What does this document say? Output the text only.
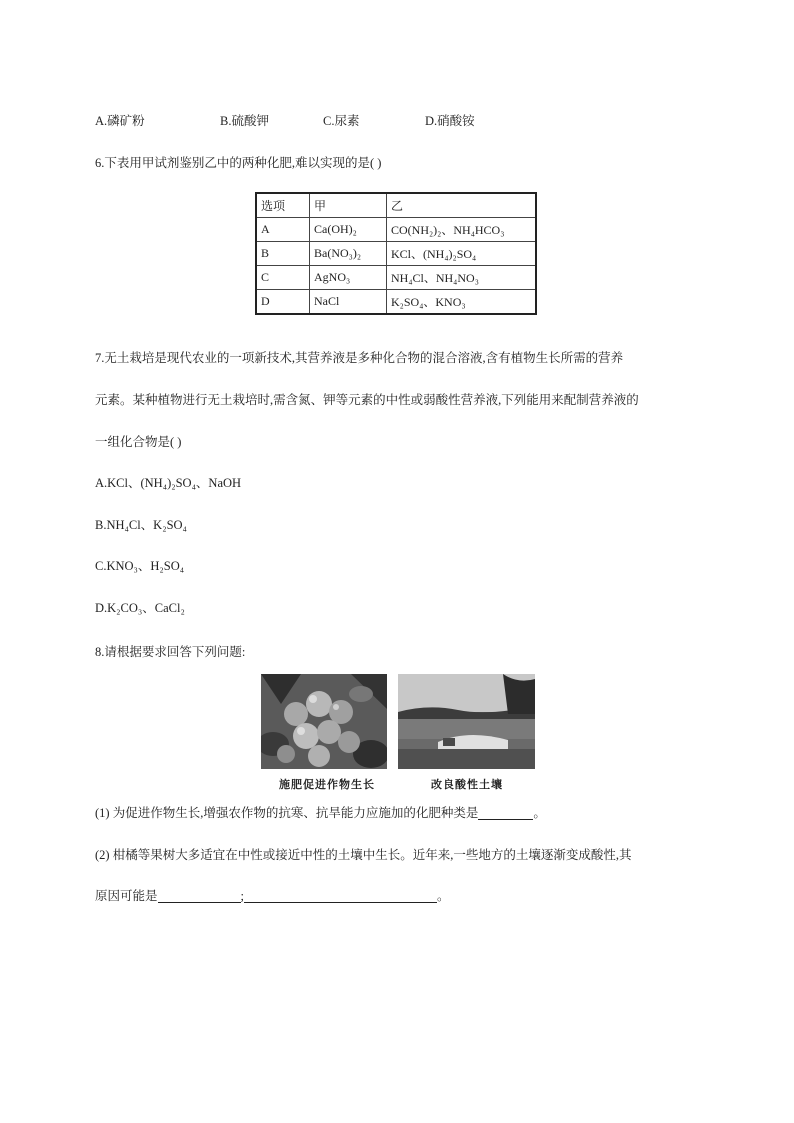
A.磷矿粉	B.硫酸钾	C.尿素	D.硝酸铵
6.下表用甲试剂鉴别乙中的两种化肥,难以实现的是( )
选项	甲	乙
A	Ca(OH)₂	CO(NH₂)₂、NH₄HCO₃
B	Ba(NO₃)₂	KCl、(NH₄)₂SO₄
C	AgNO₃	NH₄Cl、NH₄NO₃
D	NaCl	K₂SO₄、KNO₃
7.无土栽培是现代农业的一项新技术,其营养液是多种化合物的混合溶液,含有植物生长所需的营养
元素。某种植物进行无土栽培时,需含氮、钾等元素的中性或弱酸性营养液,下列能用来配制营养液的
一组化合物是( )
A.KCl、(NH₄)₂SO₄、NaOH
B.NH₄Cl、K₂SO₄
C.KNO₃、H₂SO₄
D.K₂CO₃、CaCl₂
8.请根据要求回答下列问题:
施肥促进作物生长	改良酸性土壤
(1) 为促进作物生长,增强农作物的抗寒、抗旱能力应施加的化肥种类是	。
(2) 柑橘等果树大多适宜在中性或接近中性的土壤中生长。近年来,一些地方的土壤逐渐变成酸性,其
原因可能是	;	。
